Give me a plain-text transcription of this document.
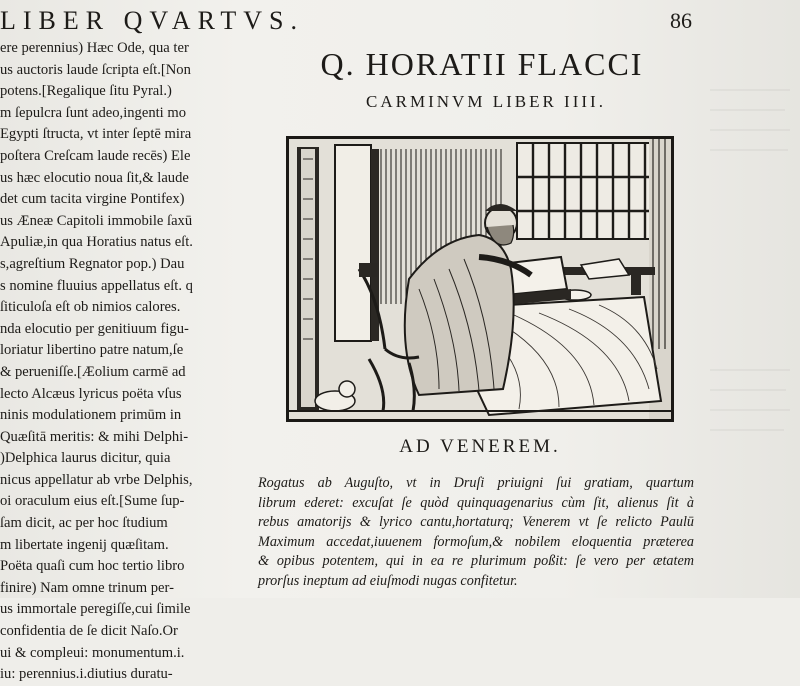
LIBER QVARTVS.	86
ere perennius) Hæc Ode, qua ter
us auctoris laude ſcripta eſt.[Non
potens.[Regalique ſitu Pyral.)
m ſepulcra ſunt adeo,ingenti mo
Egypti ſtructa, vt inter ſeptē mira
poſtera Creſcam laude recēs) Ele
us hæc elocutio noua ſit,& laude
det cum tacita virgine Pontifex)
us Æneæ Capitoli immobile ſaxū
Apuliæ,in qua Horatius natus eſt.
s,agreſtium Regnator pop.) Dau
s nomine fluuius appellatus eſt. q
ſiticuloſa eſt ob nimios calores.
nda elocutio per genitiuum figu-
loriatur libertino patre natum,ſe
& perueniſſe.[Æolium carmē ad
lecto Alcæus lyricus poëta vſus
ninis modulationem primūm in
Quæſitā meritis: & mihi Delphi-
)Delphica laurus dicitur, quia
nicus appellatur ab vrbe Delphis,
oi oraculum eius eſt.[Sume ſup-
ſam dicit, ac per hoc ſtudium
m libertate ingenij quæſitam.
Poëta quaſi cum hoc tertio libro
finire) Nam omne trinum per-
us immortale peregiſſe,cui ſimile
confidentia de ſe dicit Naſo.Or
ui & compleui: monumentum.i.
iu: perennius.i.diutius duratu-
Q. HORATII FLACCI
CARMINVM LIBER IIII.
AD VENEREM.
Rogatus ab Auguſto, vt in Druſi priuigni ſui gratiam, quartum
librum ederet: excuſat ſe quòd quinquagenarius cùm ſit, alienus ſit à
rebus amatorijs & lyrico cantu,hortaturq; Venerem vt ſe relicto Paulū
Maximum accedat,iuuenem formoſum,& nobilem eloquentia præterea
& opibus potentem, qui in ea re plurimum poßit: ſe vero per ætatem
prorſus ineptum ad eiuſmodi nugas confitetur.
